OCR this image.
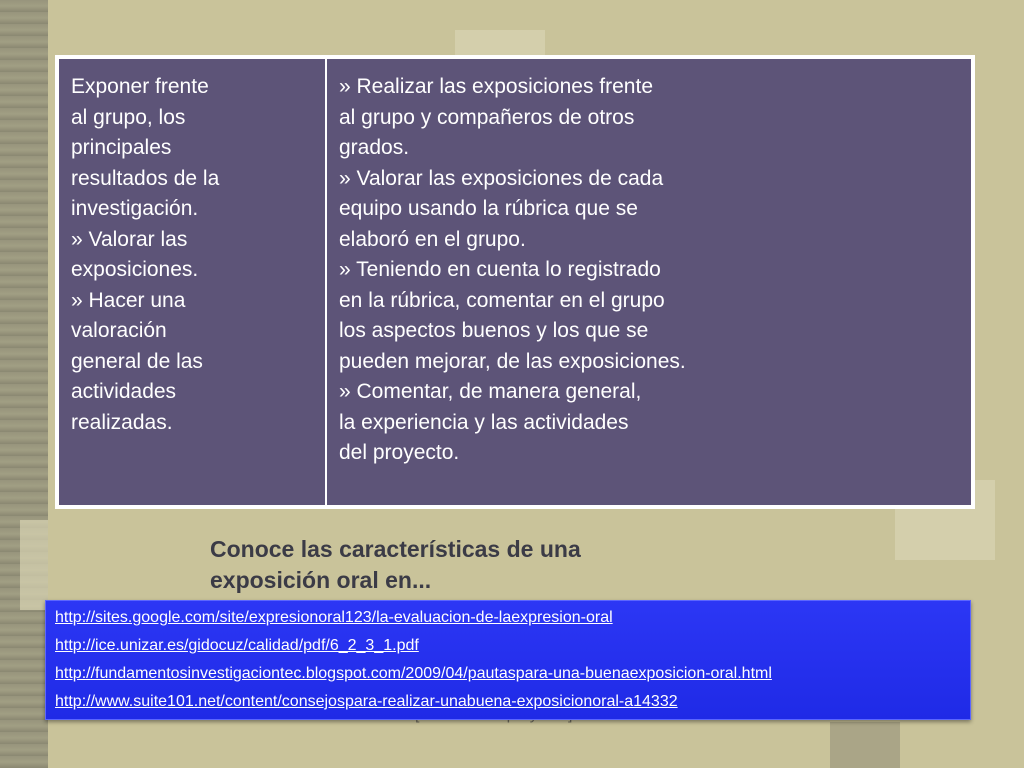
Exponer frente
al grupo, los
principales
resultados de la
investigación.
» Valorar las
exposiciones.
» Hacer una
valoración
general de las
actividades
realizadas.

» Realizar las exposiciones frente
al grupo y compañeros de otros
grados.
» Valorar las exposiciones de cada
equipo usando la rúbrica que se
elaboró en el grupo.
» Teniendo en cuenta lo registrado
en la rúbrica, comentar en el grupo
los aspectos buenos y los que se
pueden mejorar, de las exposiciones.
» Comentar, de manera general,
la experiencia y las actividades
del proyecto.
Conoce las características de una
exposición oral en...
http://sites.google.com/site/expresionoral123/la-evaluacion-de-laexpresion-oral
http://ice.unizar.es/gidocuz/calidad/pdf/6_2_3_1.pdf
http://fundamentosinvestigaciontec.blogspot.com/2009/04/pautaspara-una-buenaexposicion-oral.html
http://www.suite101.net/content/consejospara-realizar-unabuena-exposicionoral-a14332
